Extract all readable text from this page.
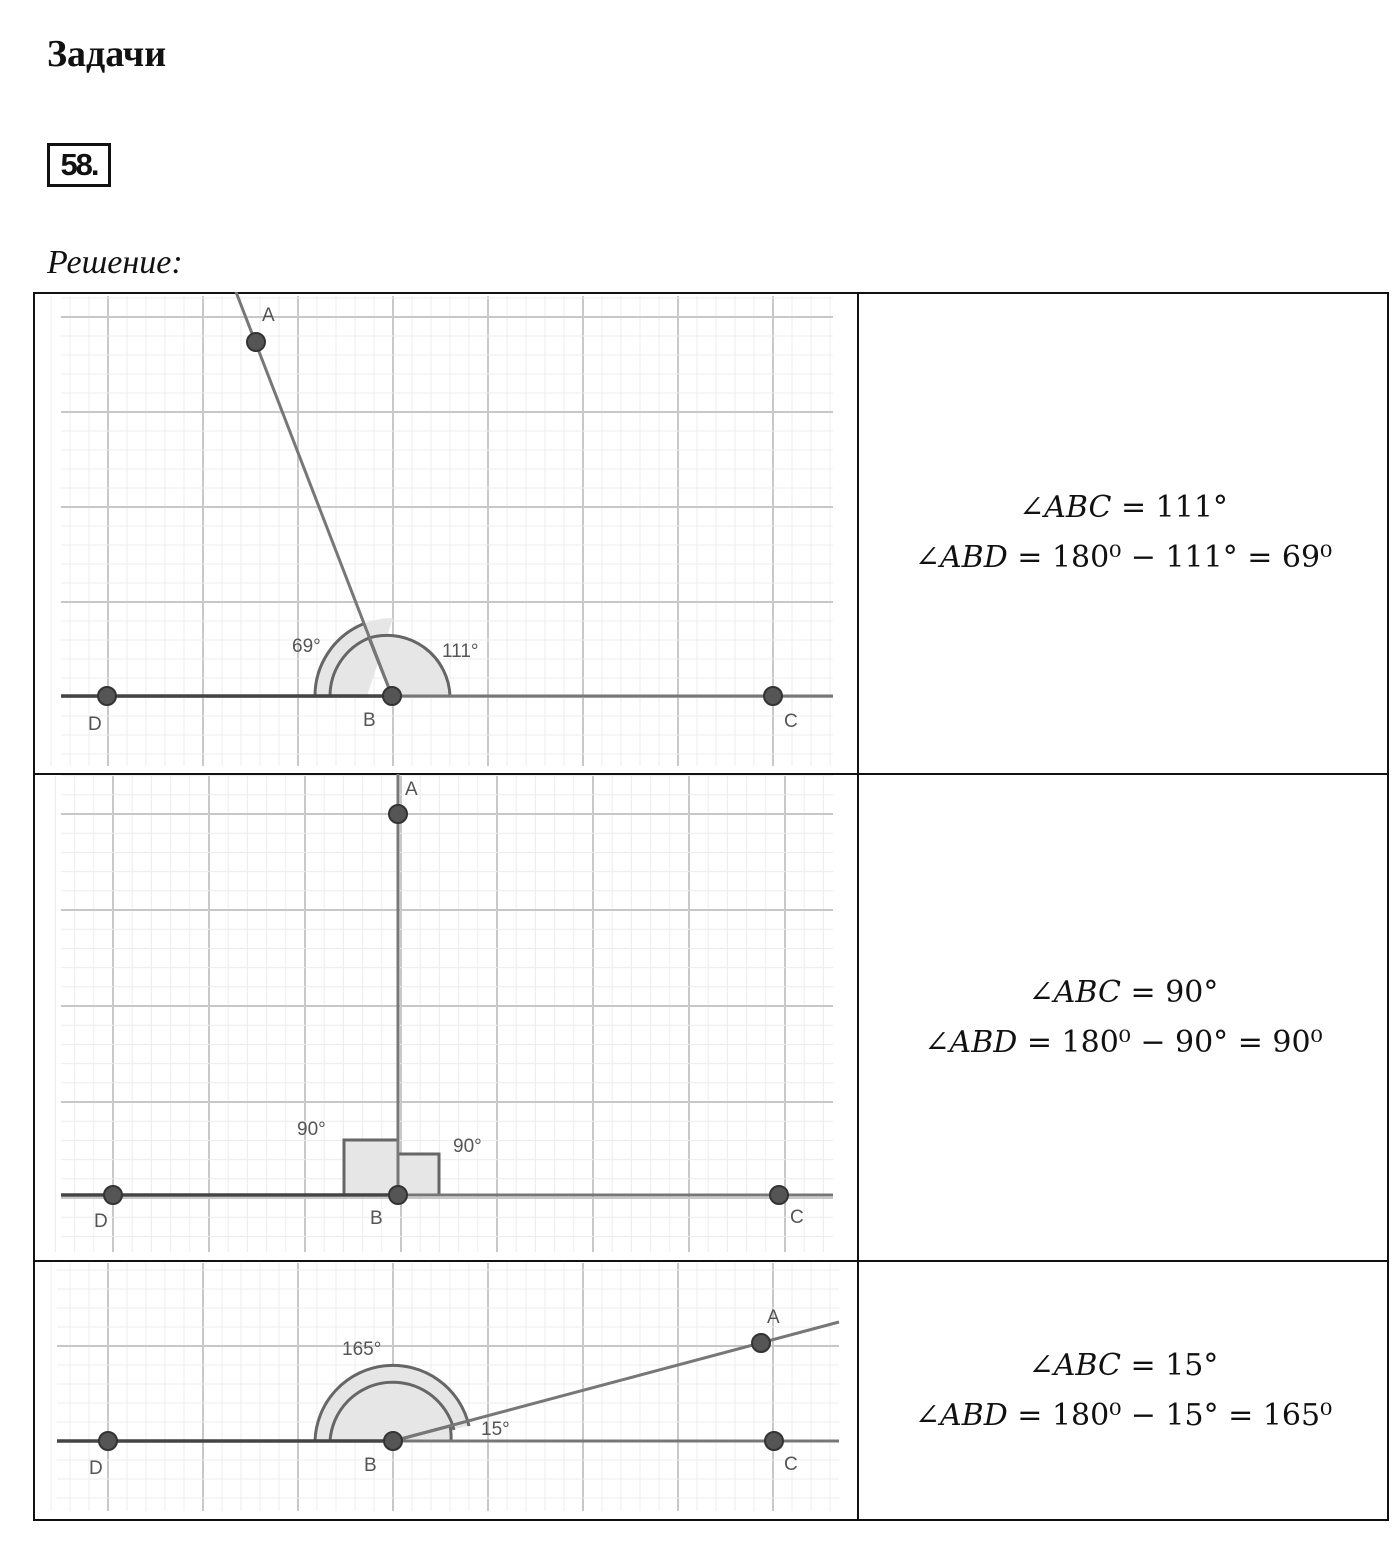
Задачи
58.
Решение:
A
B	C
D
69°	111°
∠ABC = 111°
∠ABD = 180⁰ − 111° = 69⁰
A
B	C
D
90°
90°
∠ABC = 90°
∠ABD = 180⁰ − 90° = 90⁰
A
B	C
D
165°
15°
∠ABC = 15°
∠ABD = 180⁰ − 15° = 165⁰
